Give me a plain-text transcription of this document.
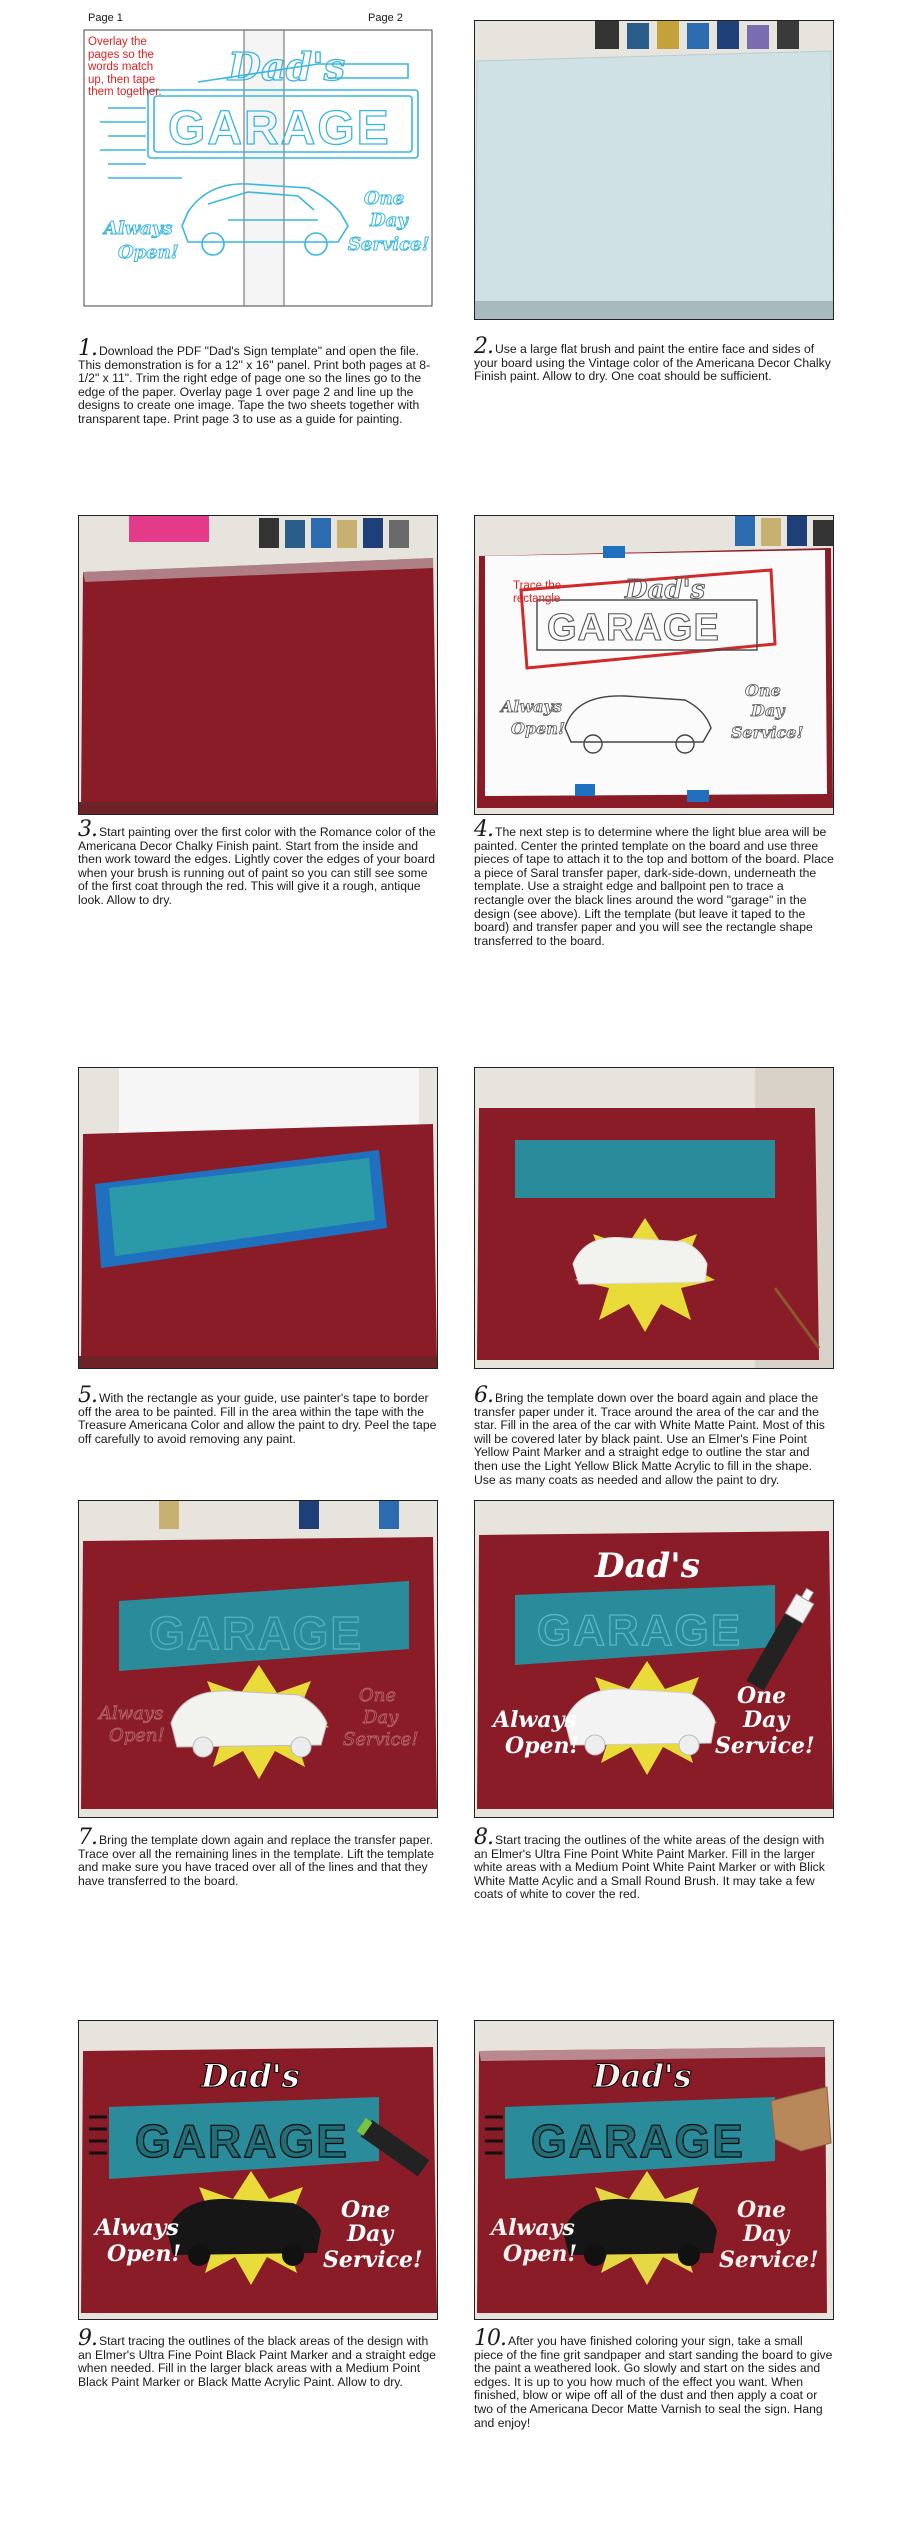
Page 1	Page 2
Dad's
GARAGE
Always
Open!
One
Day
Service!
Overlay the pages so the words match up, then tape them together.
1. Download the PDF "Dad's Sign template" and open the file. This demonstration is for a 12" x 16" panel. Print both pages at 8-1/2" x 11". Trim the right edge of page one so the lines go to the edge of the paper. Overlay page 1 over page 2 and line up the designs to create one image. Tape the two sheets together with transparent tape. Print page 3 to use as a guide for painting.
2. Use a large flat brush and paint the entire face and sides of your board using the Vintage color of the Americana Decor Chalky Finish paint. Allow to dry. One coat should be sufficient.
3. Start painting over the first color with the Romance color of the Americana Decor Chalky Finish paint. Start from the inside and then work toward the edges. Lightly cover the edges of your board when your brush is running out of paint so you can still see some of the first coat through the red. This will give it a rough, antique look. Allow to dry.
Dad's
GARAGE
Always
Open!
One
Day
Service!
Trace the rectangle
4. The next step is to determine where the light blue area will be painted. Center the printed template on the board and use three pieces of tape to attach it to the top and bottom of the board. Place a piece of Saral transfer paper, dark-side-down, underneath the template. Use a straight edge and ballpoint pen to trace a rectangle over the black lines around the word "garage" in the design (see above). Lift the template (but leave it taped to the board) and transfer paper and you will see the rectangle shape transferred to the board.
5. With the rectangle as your guide, use painter's tape to border off the area to be painted. Fill in the area within the tape with the Treasure Americana Color and allow the paint to dry. Peel the tape off carefully to avoid removing any paint.
6. Bring the template down over the board again and place the transfer paper under it. Trace around the area of the car and the star. Fill in the area of the car with White Matte Paint. Most of this will be covered later by black paint. Use an Elmer's Fine Point Yellow Paint Marker and a straight edge to outline the star and then use the Light Yellow Blick Matte Acrylic to fill in the shape. Use as many coats as needed and allow the paint to dry.
GARAGE
Always
Open!
One
Day
Service!
7. Bring the template down again and replace the transfer paper. Trace over all the remaining lines in the template. Lift the template and make sure you have traced over all of the lines and that they have transferred to the board.
Dad's
GARAGE
Always
Open!
One
Day
Service!
8. Start tracing the outlines of the white areas of the design with an Elmer's Ultra Fine Point White Paint Marker. Fill in the larger white areas with a Medium Point White Paint Marker or with Blick White Matte Acylic and a Small Round Brush. It may take a few coats of white to cover the red.
Dad's
GARAGE
Always
Open!
One
Day
Service!
9. Start tracing the outlines of the black areas of the design with an Elmer's Ultra Fine Point Black Paint Marker and a straight edge when needed. Fill in the larger black areas with a Medium Point Black Paint Marker or Black Matte Acrylic Paint. Allow to dry.
Dad's
GARAGE
Always
Open!
One
Day
Service!
10. After you have finished coloring your sign, take a small piece of the fine grit sandpaper and start sanding the board to give the paint a weathered look. Go slowly and start on the sides and edges. It is up to you how much of the effect you want. When finished, blow or wipe off all of the dust and then apply a coat or two of the Americana Decor Matte Varnish to seal the sign. Hang and enjoy!
